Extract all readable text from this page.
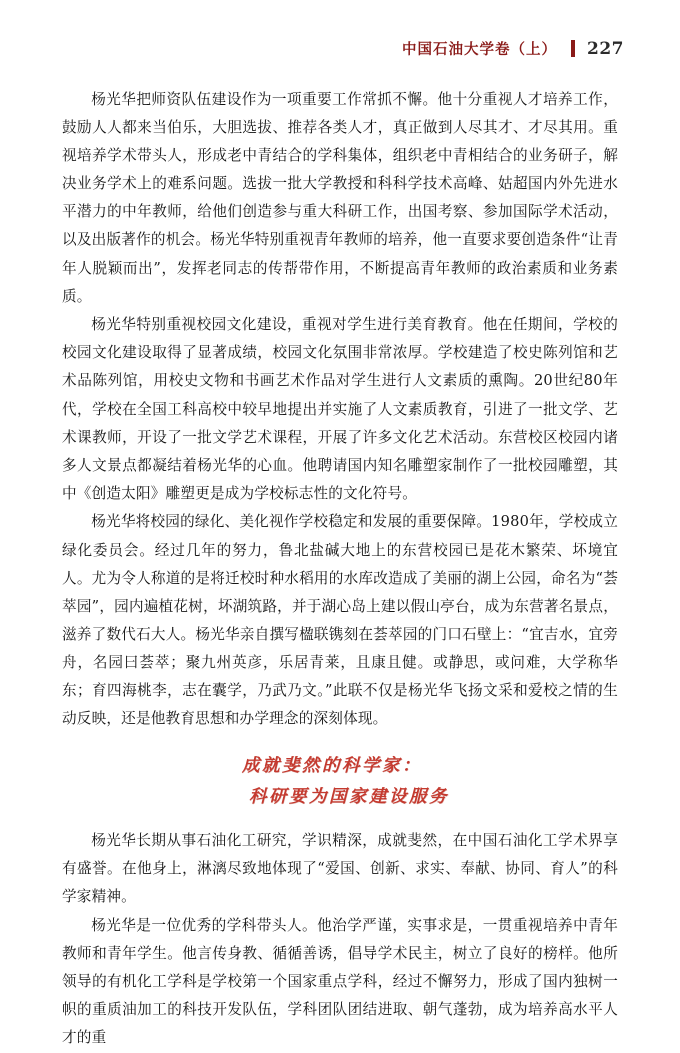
中国石油大学卷（上） 227

杨光华把师资队伍建设作为一项重要工作常抓不懈。他十分重视人才培养工作，鼓励人人都来当伯乐，大胆选拔、推荐各类人才，真正做到人尽其才、才尽其用。重视培养学术带头人，形成老中青结合的学科集体，组织老中青相结合的业务研子，解决业务学术上的难系问题。选拔一批大学教授和科科学技术高峰、姑超国内外先进水平潜力的中年教师，给他们创造参与重大科研工作，出国考察、参加国际学术活动，以及出版著作的机会。杨光华特别重视青年教师的培养，他一直要求要创造条件“让青年人脱颖而出”，发挥老同志的传帮带作用，不断提高青年教师的政治素质和业务素质。

杨光华特别重视校园文化建设，重视对学生进行美育教育。他在任期间，学校的校园文化建设取得了显著成绩，校园文化氛围非常浓厚。学校建造了校史陈列馆和艺术品陈列馆，用校史文物和书画艺术作品对学生进行人文素质的熏陶。20世纪80年代，学校在全国工科高校中较早地提出并实施了人文素质教育，引进了一批文学、艺术课教师，开设了一批文学艺术课程，开展了许多文化艺术活动。东营校区校园内诸多人文景点都凝结着杨光华的心血。他聘请国内知名雕塑家制作了一批校园雕塑，其中《创造太阳》雕塑更是成为学校标志性的文化符号。

杨光华将校园的绿化、美化视作学校稳定和发展的重要保障。1980年，学校成立绿化委员会。经过几年的努力，鲁北盐碱大地上的东营校园已是花木繁荣、坏境宜人。尤为令人称道的是将迁校时种水稻用的水库改造成了美丽的湖上公园，命名为“荟萃园”，园内遍植花树，坏湖筑路，并于湖心岛上建以假山亭台，成为东营著名景点，滋养了数代石大人。杨光华亲自撰写楹联镌刻在荟萃园的门口石壁上：“宜吉水，宜旁舟，名园曰荟萃；聚九州英彦，乐居青莱，且康且健。或静思，或问难，大学称华东；育四海桃李，志在囊学，乃武乃文。”此联不仅是杨光华飞扬文采和爱校之情的生动反映，还是他教育思想和办学理念的深刻体现。

成就斐然的科学家：
科研要为国家建设服务

杨光华长期从事石油化工研究，学识精深，成就斐然，在中国石油化工学术界享有盛誉。在他身上，淋漓尽致地体现了“爱国、创新、求实、奉献、协同、育人”的科学家精神。

杨光华是一位优秀的学科带头人。他治学严谨，实事求是，一贯重视培养中青年教师和青年学生。他言传身教、循循善诱，倡导学术民主，树立了良好的榜样。他所领导的有机化工学科是学校第一个国家重点学科，经过不懈努力，形成了国内独树一帜的重质油加工的科技开发队伍，学科团队团结进取、朝气蓬勃，成为培养高水平人才的重
